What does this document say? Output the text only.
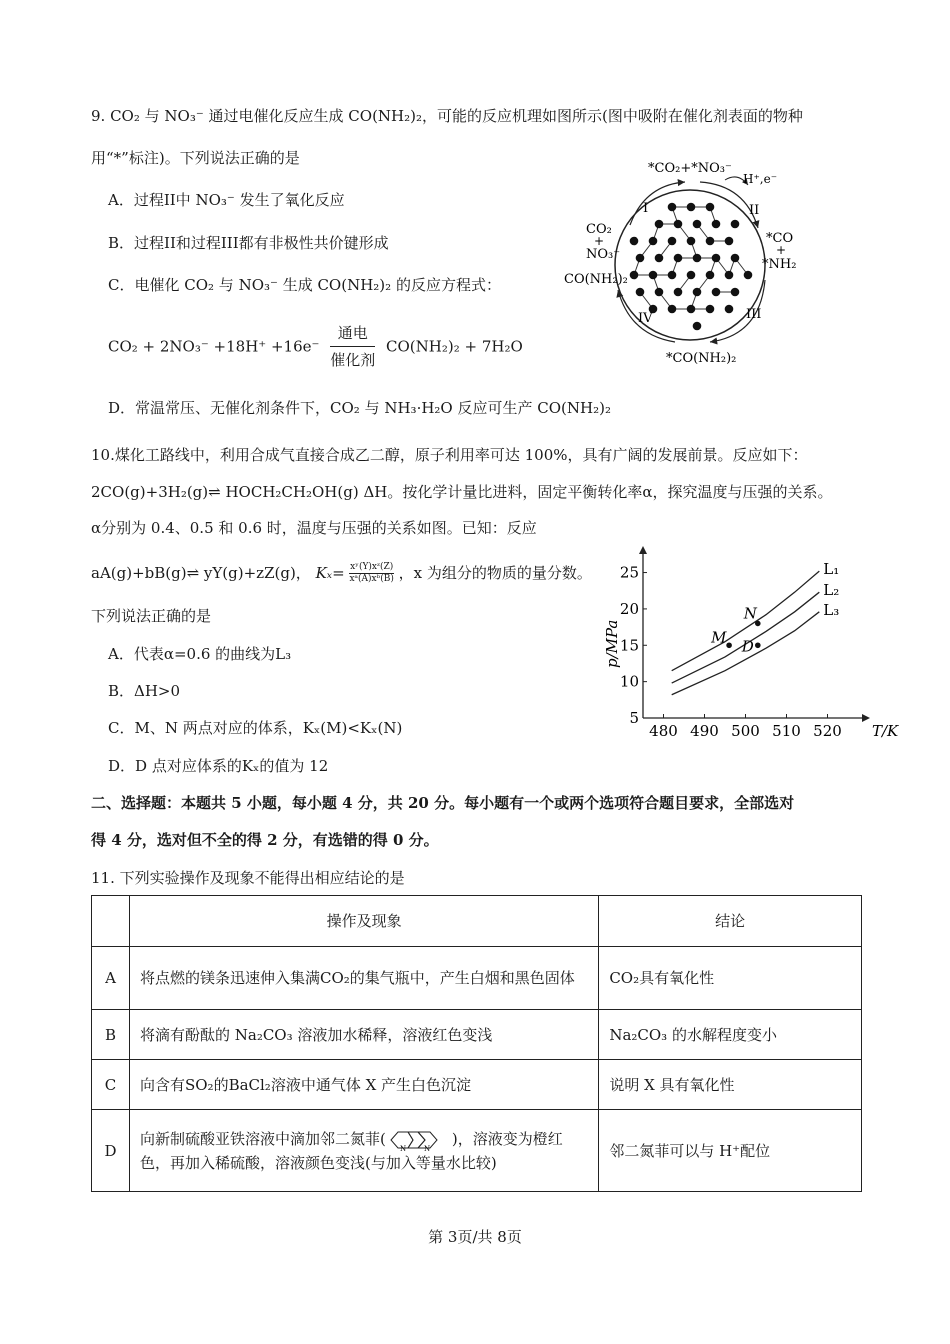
9. CO₂ 与 NO₃⁻ 通过电催化反应生成 CO(NH₂)₂，可能的反应机理如图所示(图中吸附在催化剂表面的物种
用“*”标注)。下列说法正确的是
A．过程II中 NO₃⁻ 发生了氧化反应
B．过程II和过程III都有非极性共价键形成
C．电催化 CO₂ 与 NO₃⁻ 生成 CO(NH₂)₂ 的反应方程式：
$CO_2 + 2NO_3^- +18H^+ +16e^- \frac{\text{通电}}{\text{催化剂}} CO(NH_2)_2 + 7H_2O$
D．常温常压、无催化剂条件下，CO₂ 与 NH₃·H₂O 反应可生产 CO(NH₂)₂
*CO₂+*NO₃⁻
H⁺,e⁻
I	II
III
IV
CO₂
+
NO₃⁻
CO(NH₂)₂
*CO
+
*NH₂
*CO(NH₂)₂
10.煤化工路线中，利用合成气直接合成乙二醇，原子利用率可达 100%，具有广阔的发展前景。反应如下：
2CO(g)+3H₂(g)⇌ HOCH₂CH₂OH(g) ΔH。按化学计量比进料，固定平衡转化率α，探究温度与压强的关系。
α分别为 0.4、0.5 和 0.6 时，温度与压强的关系如图。已知：反应
aA(g)+bB(g)⇌ yY(g)+zZ(g)， $K_x= \frac{\text{xʸ(Y)xᶻ(Z)}}{\text{xᵃ(A)xᵇ(B)}}$ ，x 为组分的物质的量分数。
下列说法正确的是
A．代表α=0.6 的曲线为L₃
B．ΔH>0
C．M、N 两点对应的体系，Kₓ(M)<Kₓ(N)
D．D 点对应体系的Kₓ的值为 12
480 490 500 510 520
5
10
15
20
25
T/K
p/MPa
L₁
L₂
L₃
M
N
D
二、选择题：本题共 5 小题，每小题 4 分，共 20 分。每小题有一个或两个选项符合题目要求，全部选对
得 4 分，选对但不全的得 2 分，有选错的得 0 分。
11. 下列实验操作及现象不能得出相应结论的是
	操作及现象	结论
A	将点燃的镁条迅速伸入集满CO₂的集气瓶中，产生白烟和黑色固体	CO₂具有氧化性
B	将滴有酚酞的 Na₂CO₃ 溶液加水稀释，溶液红色变浅	Na₂CO₃ 的水解程度变小
C	向含有SO₂的BaCl₂溶液中通气体 X 产生白色沉淀	说明 X 具有氧化性
D	向新制硫酸亚铁溶液中滴加邻二氮菲(
N N
)，溶液变为橙红色，再加入稀硫酸，溶液颜色变浅(与加入等量水比较)	邻二氮菲可以与 H⁺配位
第 3页/共 8页
